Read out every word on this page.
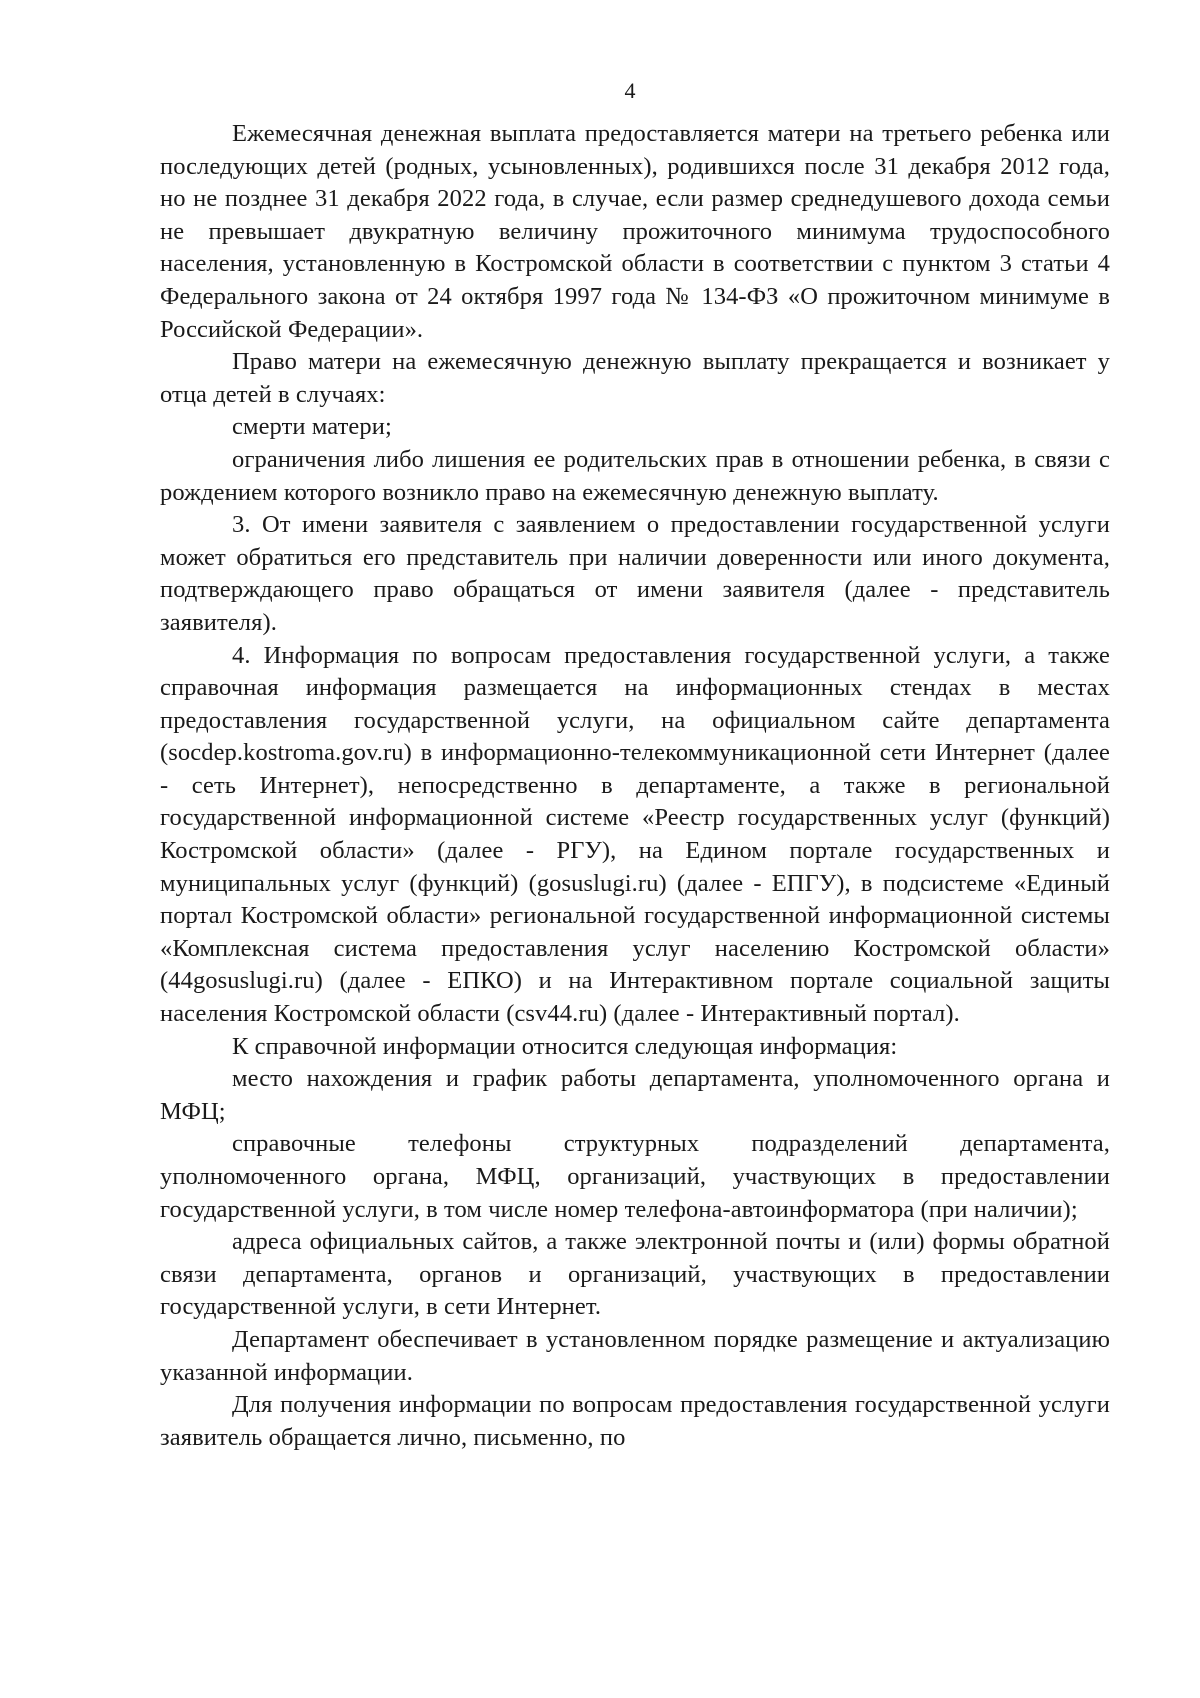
4

Ежемесячная денежная выплата предоставляется матери на третьего ребенка или последующих детей (родных, усыновленных), родившихся после 31 декабря 2012 года, но не позднее 31 декабря 2022 года, в случае, если размер среднедушевого дохода семьи не превышает двукратную величину прожиточного минимума трудоспособного населения, установленную в Костромской области в соответствии с пунктом 3 статьи 4 Федерального закона от 24 октября 1997 года № 134-ФЗ «О прожиточном минимуме в Российской Федерации».

Право матери на ежемесячную денежную выплату прекращается и возникает у отца детей в случаях:

смерти матери;

ограничения либо лишения ее родительских прав в отношении ребенка, в связи с рождением которого возникло право на ежемесячную денежную выплату.

3. От имени заявителя с заявлением о предоставлении государственной услуги может обратиться его представитель при наличии доверенности или иного документа, подтверждающего право обращаться от имени заявителя (далее - представитель заявителя).

4. Информация по вопросам предоставления государственной услуги, а также справочная информация размещается на информационных стендах в местах предоставления государственной услуги, на официальном сайте департамента (socdep.kostroma.gov.ru) в информационно-телекоммуникационной сети Интернет (далее - сеть Интернет), непосредственно в департаменте, а также в региональной государственной информационной системе «Реестр государственных услуг (функций) Костромской области» (далее - РГУ), на Едином портале государственных и муниципальных услуг (функций) (gosuslugi.ru) (далее - ЕПГУ), в подсистеме «Единый портал Костромской области» региональной государственной информационной системы «Комплексная система предоставления услуг населению Костромской области» (44gosuslugi.ru) (далее - ЕПКО) и на Интерактивном портале социальной защиты населения Костромской области (csv44.ru) (далее - Интерактивный портал).

К справочной информации относится следующая информация:

место нахождения и график работы департамента, уполномоченного органа и МФЦ;

справочные телефоны структурных подразделений департамента, уполномоченного органа, МФЦ, организаций, участвующих в предоставлении государственной услуги, в том числе номер телефона-автоинформатора (при наличии);

адреса официальных сайтов, а также электронной почты и (или) формы обратной связи департамента, органов и организаций, участвующих в предоставлении государственной услуги, в сети Интернет.

Департамент обеспечивает в установленном порядке размещение и актуализацию указанной информации.

Для получения информации по вопросам предоставления государственной услуги заявитель обращается лично, письменно, по
